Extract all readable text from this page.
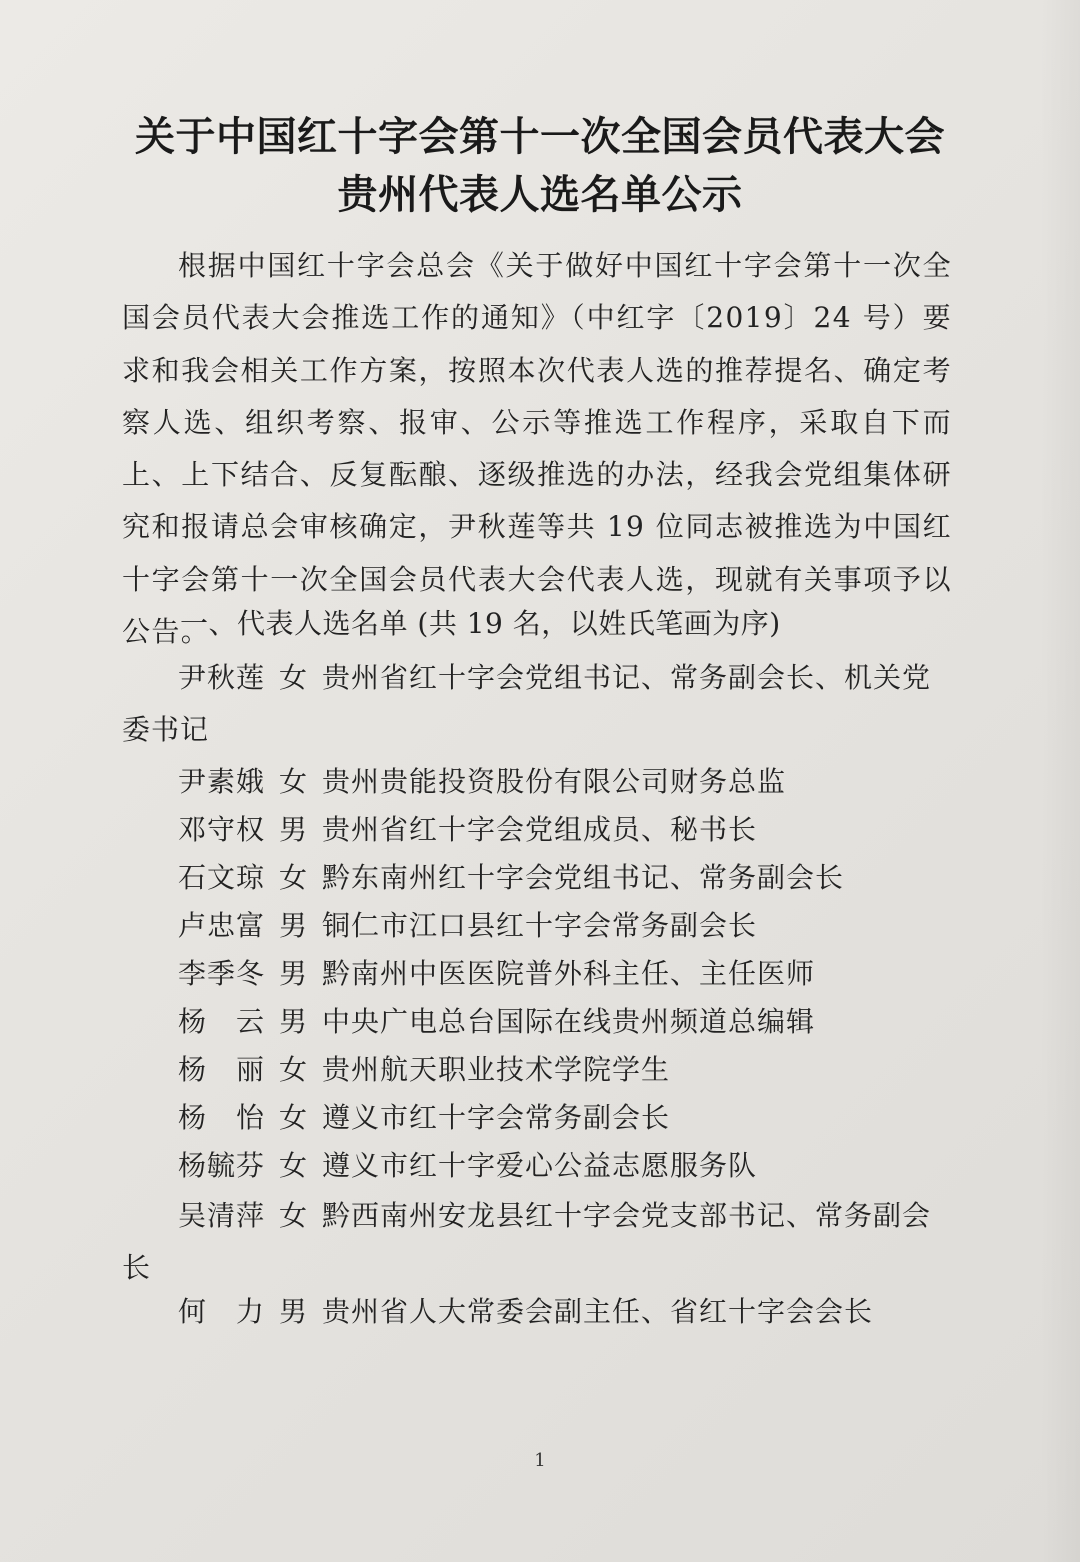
关于中国红十字会第十一次全国会员代表大会
贵州代表人选名单公示
根据中国红十字会总会《关于做好中国红十字会第十一次全国会员代表大会推选工作的通知》（中红字〔2019〕24 号）要求和我会相关工作方案，按照本次代表人选的推荐提名、确定考察人选、组织考察、报审、公示等推选工作程序，采取自下而上、上下结合、反复酝酿、逐级推选的办法，经我会党组集体研究和报请总会审核确定，尹秋莲等共 19 位同志被推选为中国红十字会第十一次全国会员代表大会代表人选，现就有关事项予以公告。
一、代表人选名单 (共 19 名，以姓氏笔画为序)
尹秋莲 女 贵州省红十字会党组书记、常务副会长、机关党委书记
尹素娥 女 贵州贵能投资股份有限公司财务总监
邓守权 男 贵州省红十字会党组成员、秘书长
石文琼 女 黔东南州红十字会党组书记、常务副会长
卢忠富 男 铜仁市江口县红十字会常务副会长
李季冬 男 黔南州中医医院普外科主任、主任医师
杨　云 男 中央广电总台国际在线贵州频道总编辑
杨　丽 女 贵州航天职业技术学院学生
杨　怡 女 遵义市红十字会常务副会长
杨毓芬 女 遵义市红十字爱心公益志愿服务队
吴清萍 女 黔西南州安龙县红十字会党支部书记、常务副会长
何　力 男 贵州省人大常委会副主任、省红十字会会长
1
